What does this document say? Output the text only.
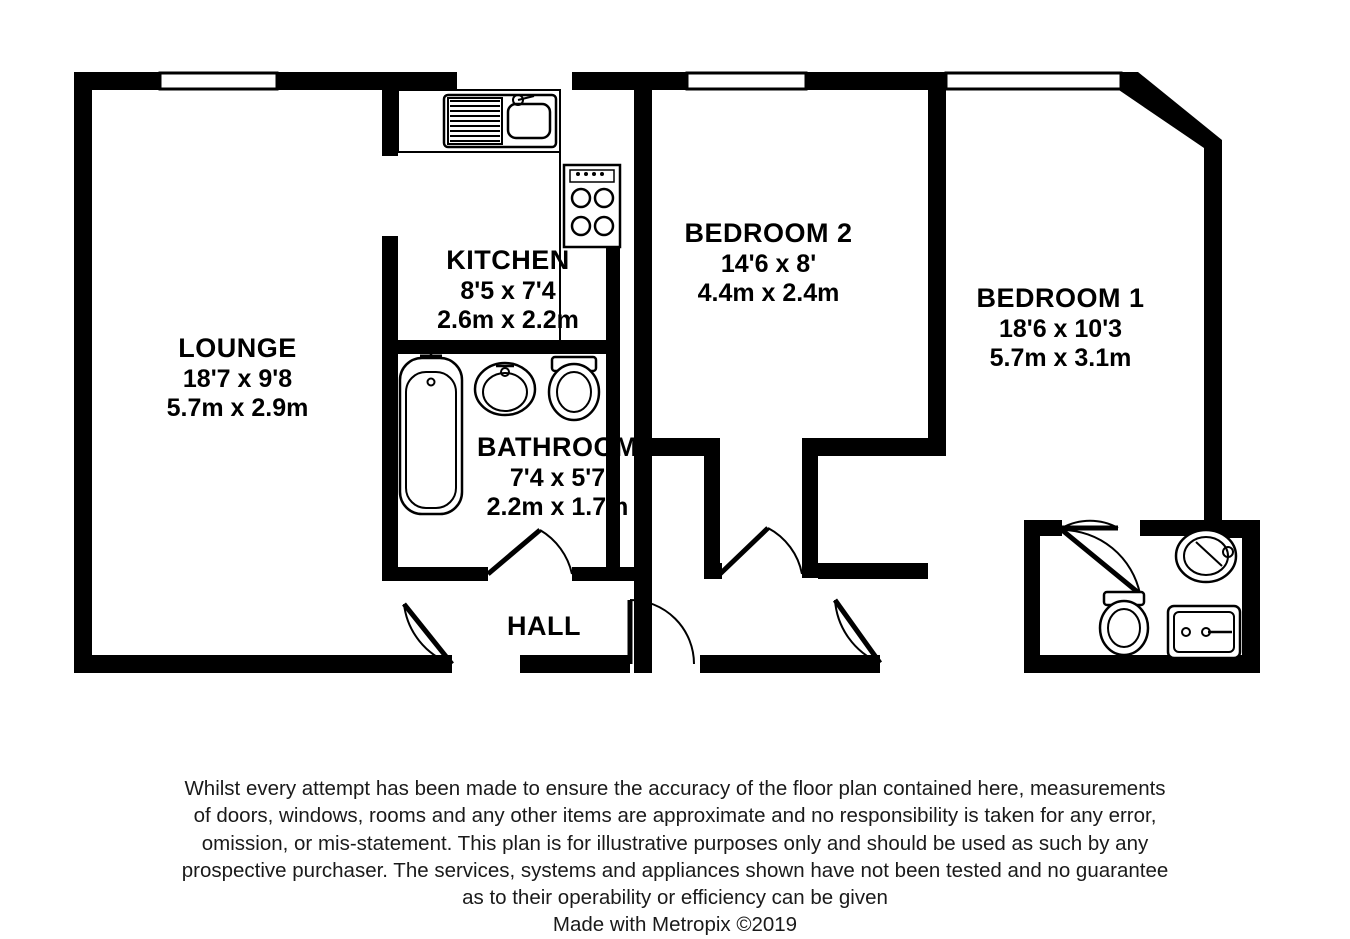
LOUNGE
18'7 x 9'8
5.7m x 2.9m
KITCHEN
8'5 x 7'4
2.6m x 2.2m
BATHROOM
7'4 x 5'7
2.2m x 1.7m
BEDROOM 2
14'6 x 8'
4.4m x 2.4m	BEDROOM 1
18'6 x 10'3
5.7m x 3.1m
HALL

Whilst every attempt has been made to ensure the accuracy of the floor plan contained here, measurements

of doors, windows, rooms and any other items are approximate and no responsibility is taken for any error,

omission, or mis-statement. This plan is for illustrative purposes only and should be used as such by any

prospective purchaser. The services, systems and appliances shown have not been tested and no guarantee

as to their operability or efficiency can be given

Made with Metropix ©2019
